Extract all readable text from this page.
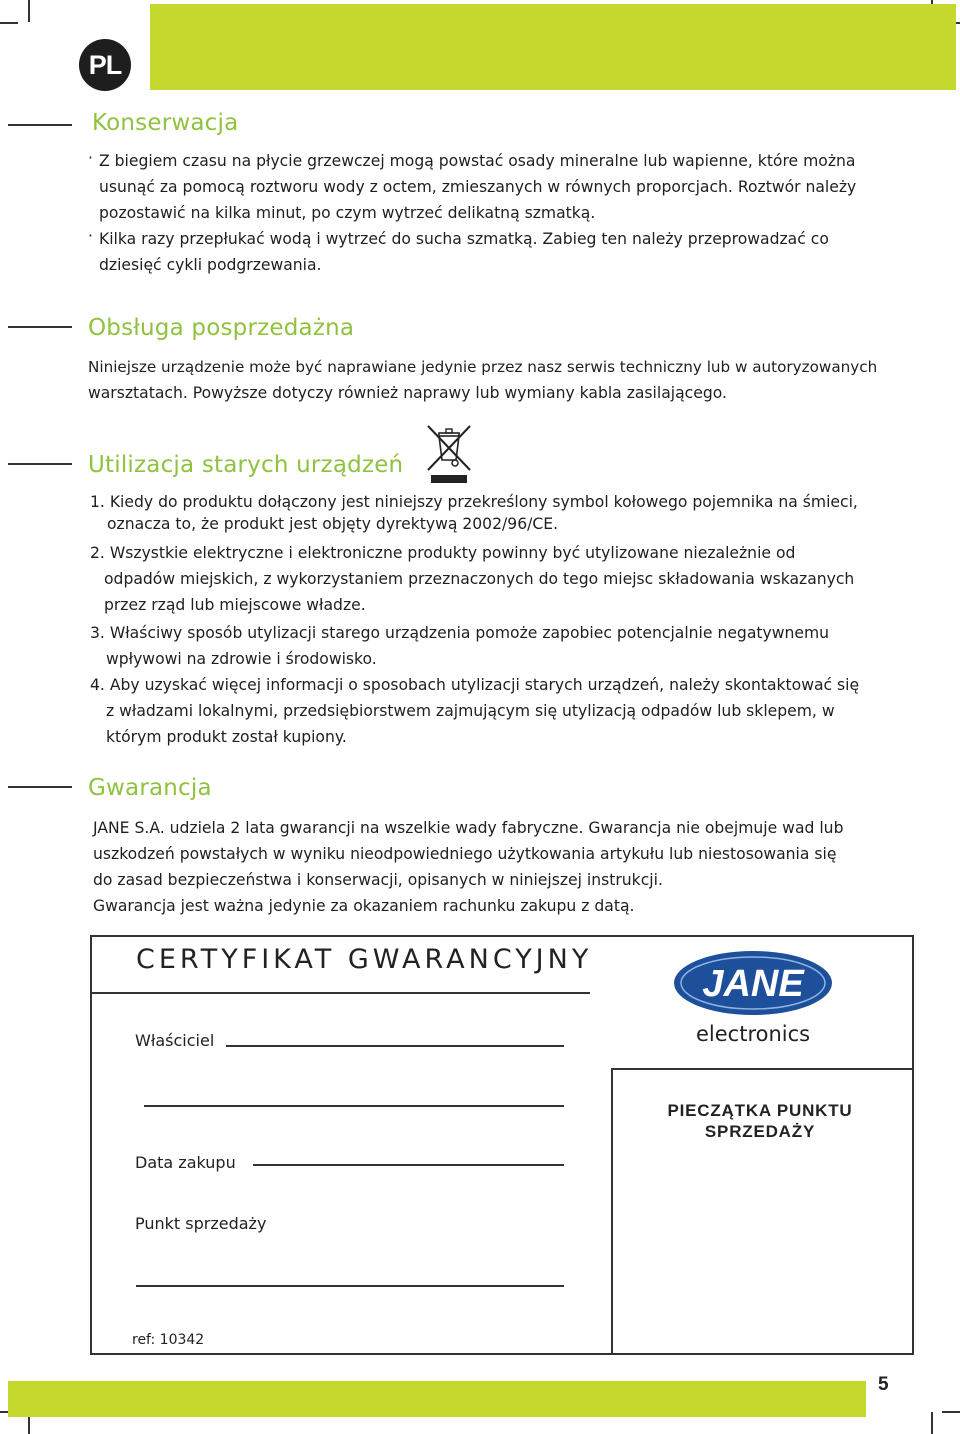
PL
Konserwacja
· Z biegiem czasu na płycie grzewczej mogą powstać osady mineralne lub wapienne, które można

usunąć za pomocą roztworu wody z octem, zmieszanych w równych proporcjach. Roztwór należy

pozostawić na kilka minut, po czym wytrzeć delikatną szmatką.

· Kilka razy przepłukać wodą i wytrzeć do sucha szmatką. Zabieg ten należy przeprowadzać co

dziesięć cykli podgrzewania.

Obsługa posprzedażna

Niniejsze urządzenie może być naprawiane jedynie przez nasz serwis techniczny lub w autoryzowanych

warsztatach. Powyższe dotyczy również naprawy lub wymiany kabla zasilającego.

Utilizacja starych urządzeń

1. Kiedy do produktu dołączony jest niniejszy przekreślony symbol kołowego pojemnika na śmieci,

oznacza to, że produkt jest objęty dyrektywą 2002/96/CE.

2. Wszystkie elektryczne i elektroniczne produkty powinny być utylizowane niezależnie od

odpadów miejskich, z wykorzystaniem przeznaczonych do tego miejsc składowania wskazanych

przez rząd lub miejscowe władze.

3. Właściwy sposób utylizacji starego urządzenia pomoże zapobiec potencjalnie negatywnemu

wpływowi na zdrowie i środowisko.

4. Aby uzyskać więcej informacji o sposobach utylizacji starych urządzeń, należy skontaktować się

z władzami lokalnymi, przedsiębiorstwem zajmującym się utylizacją odpadów lub sklepem, w

którym produkt został kupiony.

Gwarancja

JANE S.A. udziela 2 lata gwarancji na wszelkie wady fabryczne. Gwarancja nie obejmuje wad lub

uszkodzeń powstałych w wyniku nieodpowiedniego użytkowania artykułu lub niestosowania się

do zasad bezpieczeństwa i konserwacji, opisanych w niniejszej instrukcji.

Gwarancja jest ważna jedynie za okazaniem rachunku zakupu z datą.

CERTYFIKAT GWARANCYJNY
JANE
electronics
Właściciel
Data zakupu
Punkt sprzedaży
ref: 10342
PIECZĄTKA PUNKTU
SPRZEDAŻY
5
